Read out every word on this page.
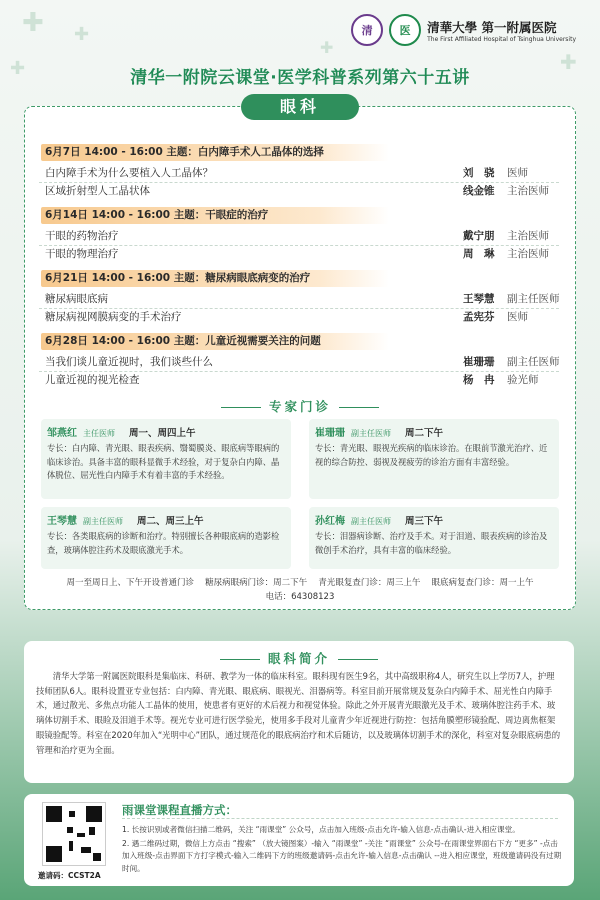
✚ ✚
✚
✚
✚
清	医	清華大學 第一附属医院
The First Affiliated Hospital of Tsinghua University
清华一附院云课堂·医学科普系列第六十五讲
6月7日 14:00 - 16:00 主题：白内障手术人工晶体的选择
白内障手术为什么要植入人工晶体？	刘　骁 医师
区域折射型人工晶状体	线金锥 主治医师
6月14日 14:00 - 16:00 主题：干眼症的治疗
干眼的药物治疗	戴宁朋 主治医师
干眼的物理治疗	周　琳 主治医师
6月21日 14:00 - 16:00 主题：糖尿病眼底病变的治疗
糖尿病眼底病	王琴慧 副主任医师
糖尿病视网膜病变的手术治疗	孟宪芬 医师
6月28日 14:00 - 16:00 主题：儿童近视需要关注的问题
当我们谈儿童近视时，我们谈些什么	崔珊珊 副主任医师
儿童近视的视光检查	杨　冉 验光师
专家门诊
邹燕红 主任医师 周一、周四上午
专长：白内障、青光眼、眼表疾病、翳蜀膜炎、眼底病等眼病的临床诊治。具备丰富的眼科显微手术经验，对于复杂白内障、晶体脱位、屈光性白内障手术有着丰富的手术经验。
崔珊珊 副主任医师 周二下午
专长：青光眼、眼视光疾病的临床诊治。在眼前节激光治疗、近视的综合防控、弱视及视疲劳的诊治方面有丰富经验。
王琴慧 副主任医师 周二、周三上午
专长：各类眼底病的诊断和治疗。特别擅长各种眼底病的造影检查，玻璃体腔注药术及眼底激光手术。
孙红梅 副主任医师 周三下午
专长：泪器病诊断、治疗及手术。对于泪道、眼表疾病的诊治及微创手术治疗，具有丰富的临床经验。
周一至周日上、下午开设普通门诊　 糖尿病眼病门诊：周二下午　 青光眼复查门诊：周三上午　 眼底病复查门诊：周一上午
电话：64308123
眼科
眼科简介
清华大学第一附属医院眼科是集临床、科研、教学为一体的临床科室。眼科现有医生9名，其中高级职称4人，研究生以上学历7人，护理技师团队6人。眼科设置亚专业包括：白内障、青光眼、眼底病、眼视光、泪器病等。科室目前开展常规及复杂白内障手术、屈光性白内障手术，通过散光、多焦点功能人工晶体的使用，使患者有更好的术后视力和视觉体验。除此之外开展青光眼激光及手术、玻璃体腔注药手术、玻璃体切割手术、眼睑及泪道手术等。视光专业可进行医学验光，使用多手段对儿童青少年近视进行防控：包括角膜塑形镜验配、周边离焦框架眼镜验配等。科室在2020年加入“光明中心”团队，通过规范化的眼底病治疗和术后随访，以及玻璃体切割手术的深化，科室对复杂眼底病患的管理和治疗更为全面。
邀请码：CCST2A
雨课堂课程直播方式：
1. 长按识别或者微信扫描二维码，关注 “雨课堂” 公众号，点击加入班级-点击允许-输入信息-点击确认-进入相应课堂。
2. 遇二维码过期，微信上方点击 “搜索” （放大镜图案）-输入 “雨课堂” -关注 “雨课堂” 公众号-在雨课堂界面右下方 “更多” -点击加入班级-点击界面下方打字模式-输入二维码下方的班级邀请码-点击允许-输入信息-点击确认 --进入相应课堂，班级邀请码没有过期时间。
